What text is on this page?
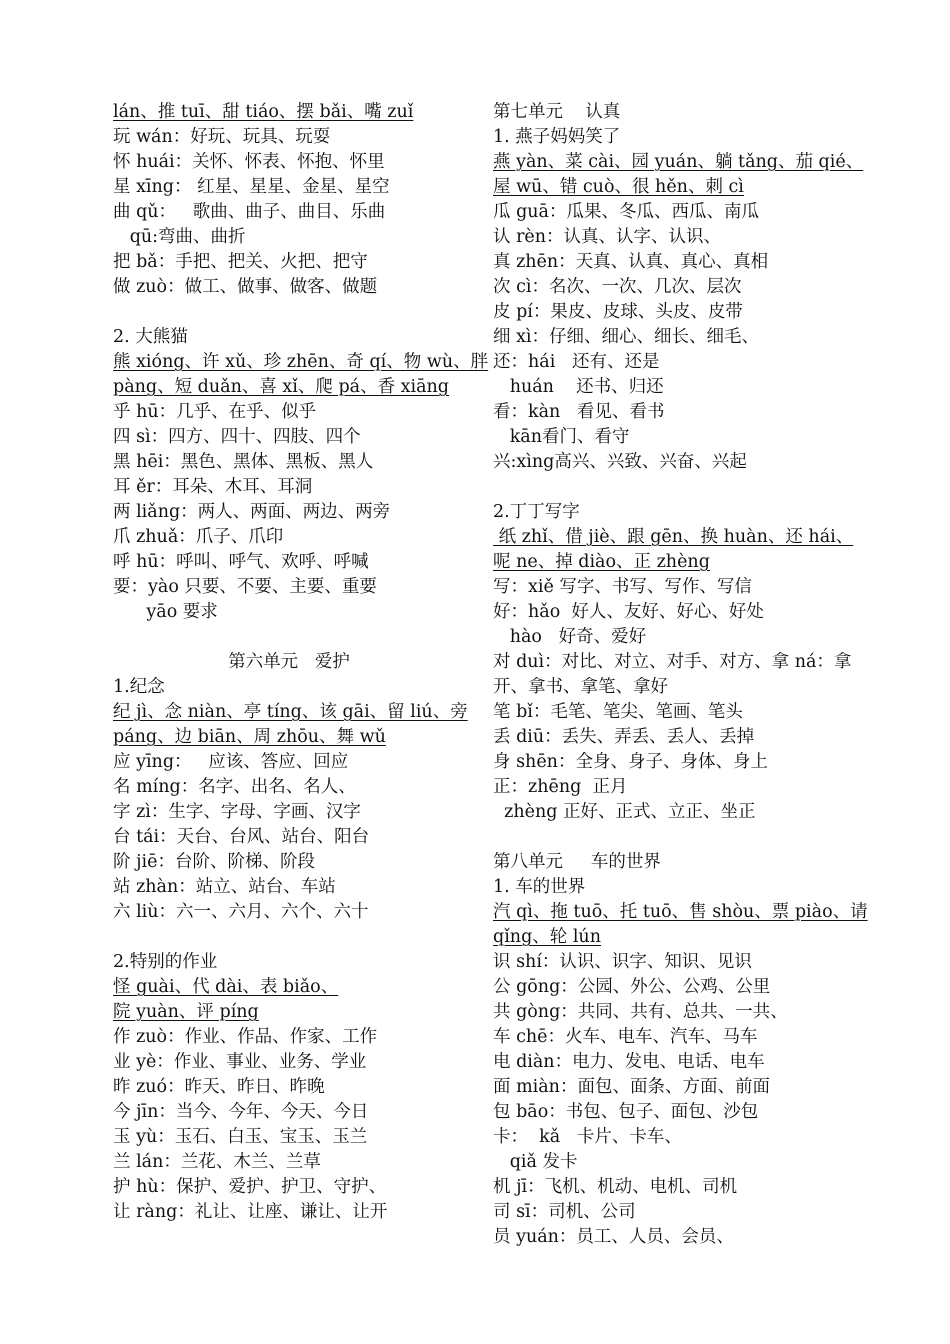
lán、推 tuī、甜 tiáo、摆 bǎi、嘴 zuǐ
玩 wán：好玩、玩具、玩耍
怀 huái：关怀、怀表、怀抱、怀里
星 xīng： 红星、星星、金星、星空
曲 qǔ：   歌曲、曲子、曲目、乐曲
qū:弯曲、曲折
把 bǎ：手把、把关、火把、把守
做 zuò：做工、做事、做客、做题
2. 大熊猫
熊 xióng、许 xǔ、珍 zhēn、奇 qí、物 wù、胖
pàng、短 duǎn、喜 xǐ、爬 pá、香 xiāng
乎 hū：几乎、在乎、似乎
四 sì：四方、四十、四肢、四个
黑 hēi：黑色、黑体、黑板、黑人
耳 ěr：耳朵、木耳、耳洞
两 liǎng：两人、两面、两边、两旁
爪 zhuǎ：爪子、爪印
呼 hū：呼叫、呼气、欢呼、呼喊
要：yào 只要、不要、主要、重要
yāo 要求
第六单元   爱护
1.纪念
纪 jì、念 niàn、亭 tíng、该 gāi、留 liú、旁
páng、边 biān、周 zhōu、舞 wǔ
应 yīng：   应该、答应、回应
名 míng：名字、出名、名人、
字 zì：生字、字母、字画、汉字
台 tái：天台、台风、站台、阳台
阶 jiē：台阶、阶梯、阶段
站 zhàn：站立、站台、车站
六 liù：六一、六月、六个、六十
2.特别的作业
怪 guài、代 dài、表 biǎo、
院 yuàn、评 píng
作 zuò：作业、作品、作家、工作
业 yè：作业、事业、业务、学业
昨 zuó：昨天、昨日、昨晚
今 jīn：当今、今年、今天、今日
玉 yù：玉石、白玉、宝玉、玉兰
兰 lán：兰花、木兰、兰草
护 hù：保护、爱护、护卫、守护、
让 ràng：礼让、让座、谦让、让开
第七单元    认真
1. 燕子妈妈笑了
燕 yàn、菜 cài、园 yuán、躺 tǎng、茄 qié、
屋 wū、错 cuò、很 hěn、刺 cì
瓜 guā：瓜果、冬瓜、西瓜、南瓜
认 rèn：认真、认字、认识、
真 zhēn：天真、认真、真心、真相
次 cì：名次、一次、几次、层次
皮 pí：果皮、皮球、头皮、皮带
细 xì：仔细、细心、细长、细毛、
还：hái   还有、还是
huán    还书、归还
看：kàn   看见、看书
kān看门、看守
兴:xìng高兴、兴致、兴奋、兴起
2.丁丁写字
纸 zhǐ、借 jiè、跟 gēn、换 huàn、还 hái、
呢 ne、掉 diào、正 zhèng
写：xiě 写字、书写、写作、写信
好：hǎo  好人、友好、好心、好处
hào   好奇、爱好
对 duì：对比、对立、对手、对方、拿 ná：拿
开、拿书、拿笔、拿好
笔 bǐ：毛笔、笔尖、笔画、笔头
丢 diū：丢失、弄丢、丢人、丢掉
身 shēn：全身、身子、身体、身上
正：zhēng  正月
zhèng 正好、正式、立正、坐正
第八单元     车的世界
1. 车的世界
汽 qì、拖 tuō、托 tuō、售 shòu、票 piào、请
qǐng、轮 lún
识 shí：认识、识字、知识、见识
公 gōng：公园、外公、公鸡、公里
共 gòng：共同、共有、总共、一共、
车 chē：火车、电车、汽车、马车
电 diàn：电力、发电、电话、电车
面 miàn：面包、面条、方面、前面
包 bāo：书包、包子、面包、沙包
卡：  kǎ   卡片、卡车、
qiǎ 发卡
机 jī：飞机、机动、电机、司机
司 sī：司机、公司
员 yuán：员工、人员、会员、
